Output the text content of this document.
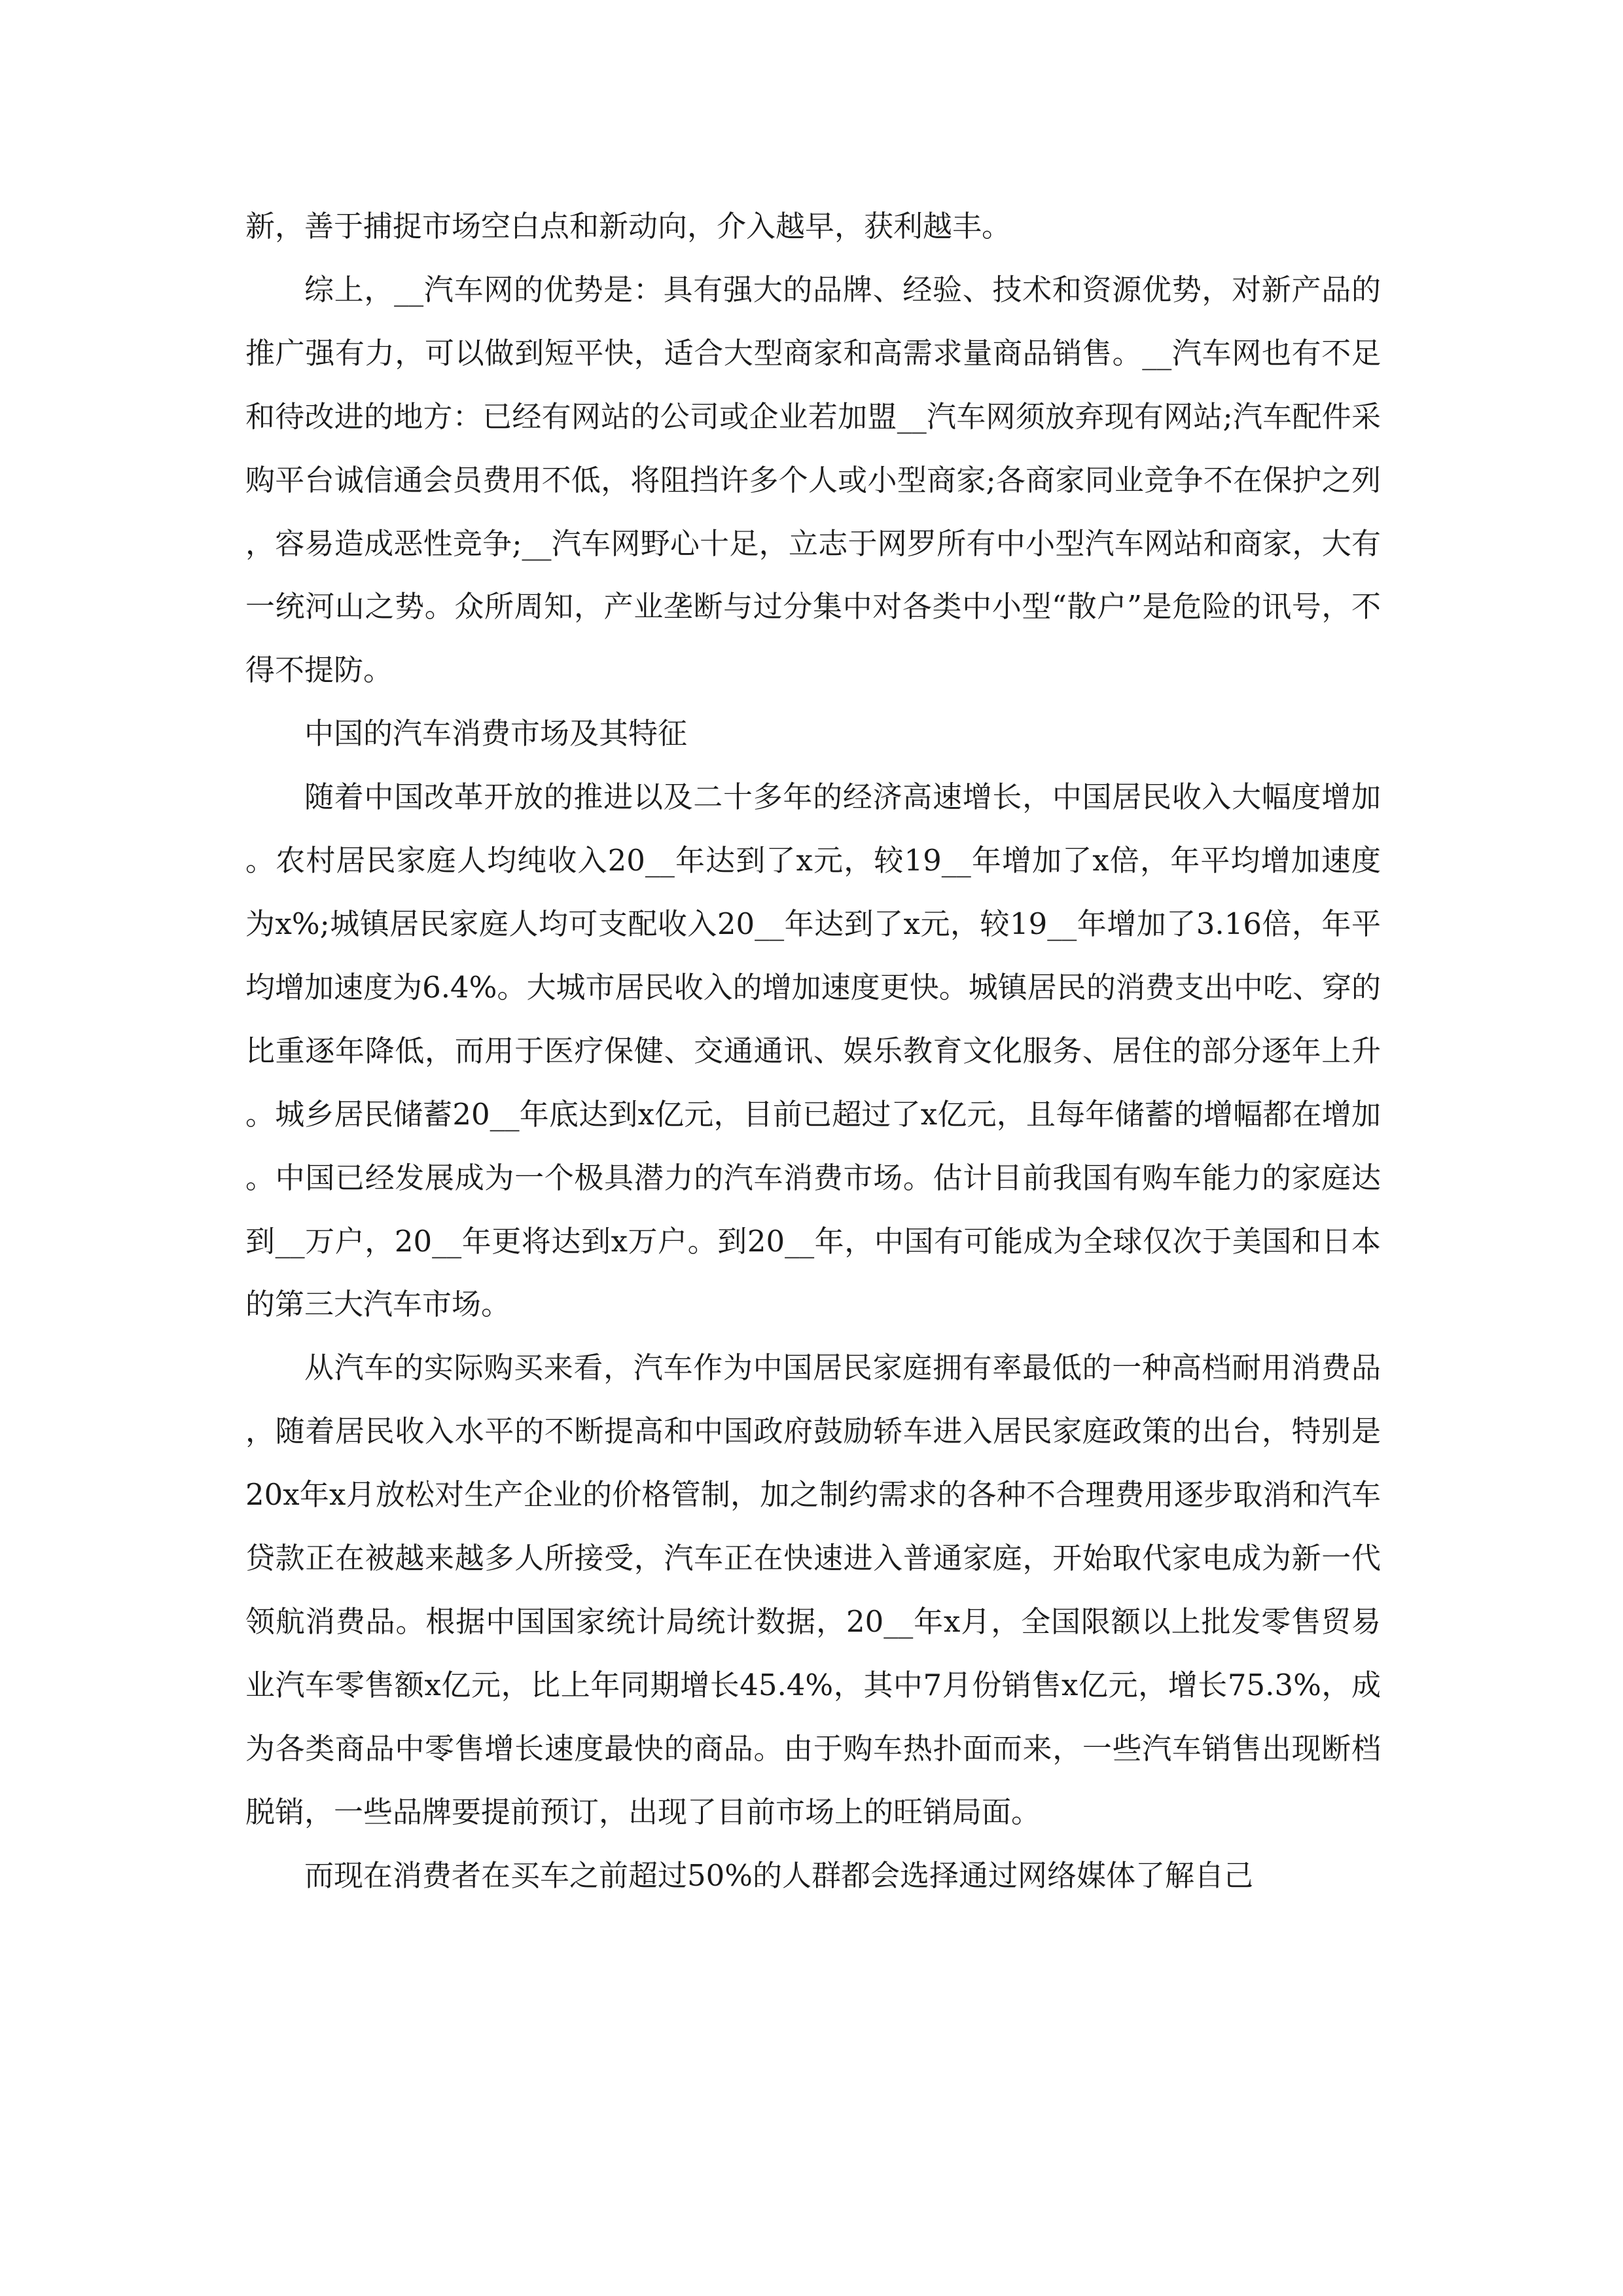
新，善于捕捉市场空白点和新动向，介入越早，获利越丰。

综上，__汽车网的优势是：具有强大的品牌、经验、技术和资源优势，对新产品的推广强有力，可以做到短平快，适合大型商家和高需求量商品销售。__汽车网也有不足和待改进的地方：已经有网站的公司或企业若加盟__汽车网须放弃现有网站;汽车配件采购平台诚信通会员费用不低，将阻挡许多个人或小型商家;各商家同业竞争不在保护之列，容易造成恶性竞争;__汽车网野心十足，立志于网罗所有中小型汽车网站和商家，大有一统河山之势。众所周知，产业垄断与过分集中对各类中小型“散户”是危险的讯号，不得不提防。

中国的汽车消费市场及其特征

随着中国改革开放的推进以及二十多年的经济高速增长，中国居民收入大幅度增加。农村居民家庭人均纯收入20__年达到了x元，较19__年增加了x倍，年平均增加速度为x%;城镇居民家庭人均可支配收入20__年达到了x元，较19__年增加了3.16倍，年平均增加速度为6.4%。大城市居民收入的增加速度更快。城镇居民的消费支出中吃、穿的比重逐年降低，而用于医疗保健、交通通讯、娱乐教育文化服务、居住的部分逐年上升。城乡居民储蓄20__年底达到x亿元，目前已超过了x亿元，且每年储蓄的增幅都在增加。中国已经发展成为一个极具潜力的汽车消费市场。估计目前我国有购车能力的家庭达到__万户，20__年更将达到x万户。到20__年，中国有可能成为全球仅次于美国和日本的第三大汽车市场。

从汽车的实际购买来看，汽车作为中国居民家庭拥有率最低的一种高档耐用消费品，随着居民收入水平的不断提高和中国政府鼓励轿车进入居民家庭政策的出台，特别是20x年x月放松对生产企业的价格管制，加之制约需求的各种不合理费用逐步取消和汽车贷款正在被越来越多人所接受，汽车正在快速进入普通家庭，开始取代家电成为新一代领航消费品。根据中国国家统计局统计数据，20__年x月，全国限额以上批发零售贸易业汽车零售额x亿元，比上年同期增长45.4%，其中7月份销售x亿元，增长75.3%，成为各类商品中零售增长速度最快的商品。由于购车热扑面而来，一些汽车销售出现断档脱销，一些品牌要提前预订，出现了目前市场上的旺销局面。

而现在消费者在买车之前超过50%的人群都会选择通过网络媒体了解自己
